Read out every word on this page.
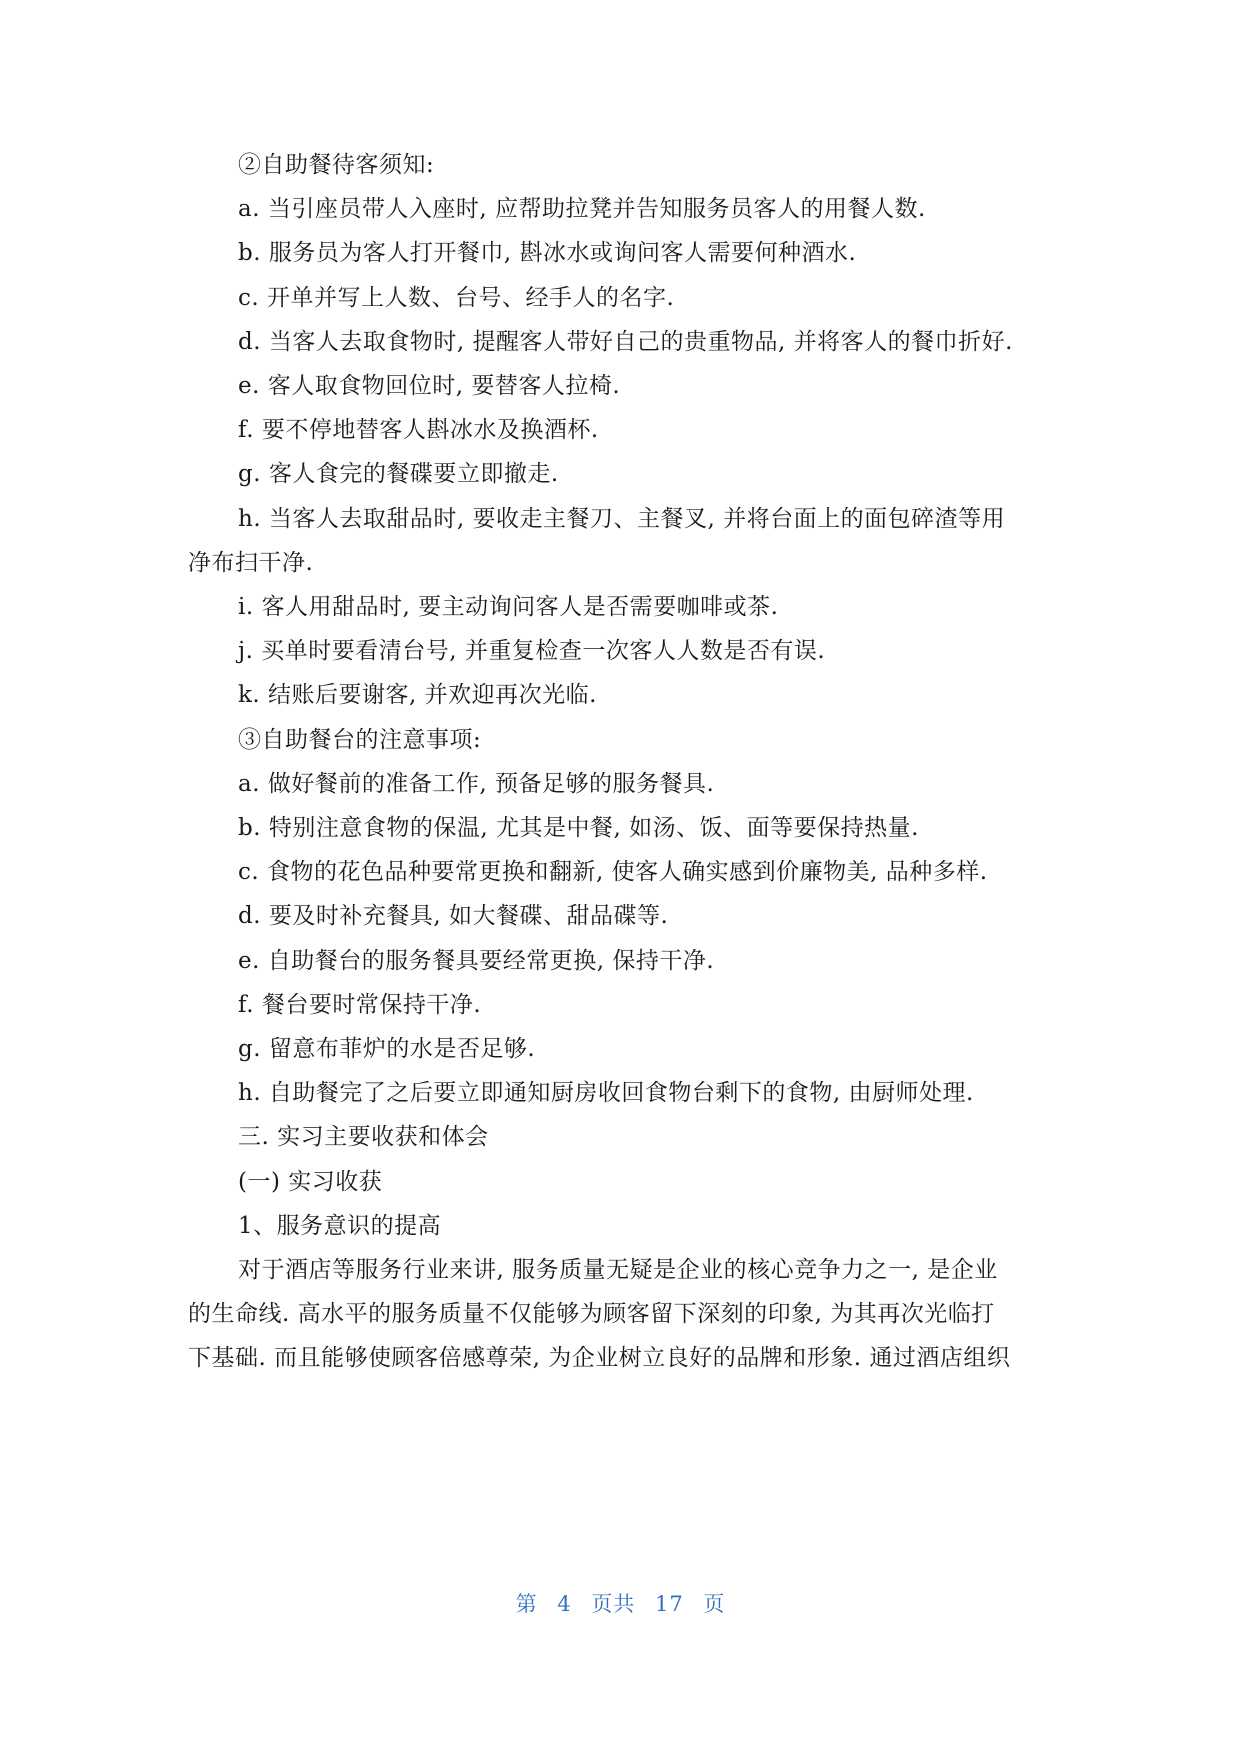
②自助餐待客须知:
a. 当引座员带人入座时, 应帮助拉凳并告知服务员客人的用餐人数.
b. 服务员为客人打开餐巾, 斟冰水或询问客人需要何种酒水.
c. 开单并写上人数、台号、经手人的名字.
d. 当客人去取食物时, 提醒客人带好自己的贵重物品, 并将客人的餐巾折好.
e. 客人取食物回位时, 要替客人拉椅.
f. 要不停地替客人斟冰水及换酒杯.
g. 客人食完的餐碟要立即撤走.
h. 当客人去取甜品时, 要收走主餐刀、主餐叉, 并将台面上的面包碎渣等用
净布扫干净.
i. 客人用甜品时, 要主动询问客人是否需要咖啡或茶.
j. 买单时要看清台号, 并重复检查一次客人人数是否有误.
k. 结账后要谢客, 并欢迎再次光临.
③自助餐台的注意事项:
a. 做好餐前的准备工作, 预备足够的服务餐具.
b. 特别注意食物的保温, 尤其是中餐, 如汤、饭、面等要保持热量.
c. 食物的花色品种要常更换和翻新, 使客人确实感到价廉物美, 品种多样.
d. 要及时补充餐具, 如大餐碟、甜品碟等.
e. 自助餐台的服务餐具要经常更换, 保持干净.
f. 餐台要时常保持干净.
g. 留意布菲炉的水是否足够.
h. 自助餐完了之后要立即通知厨房收回食物台剩下的食物, 由厨师处理.
三. 实习主要收获和体会
(一) 实习收获
1、服务意识的提高
对于酒店等服务行业来讲, 服务质量无疑是企业的核心竞争力之一, 是企业
的生命线. 高水平的服务质量不仅能够为顾客留下深刻的印象, 为其再次光临打
下基础. 而且能够使顾客倍感尊荣, 为企业树立良好的品牌和形象. 通过酒店组织
第 4 页共 17 页
